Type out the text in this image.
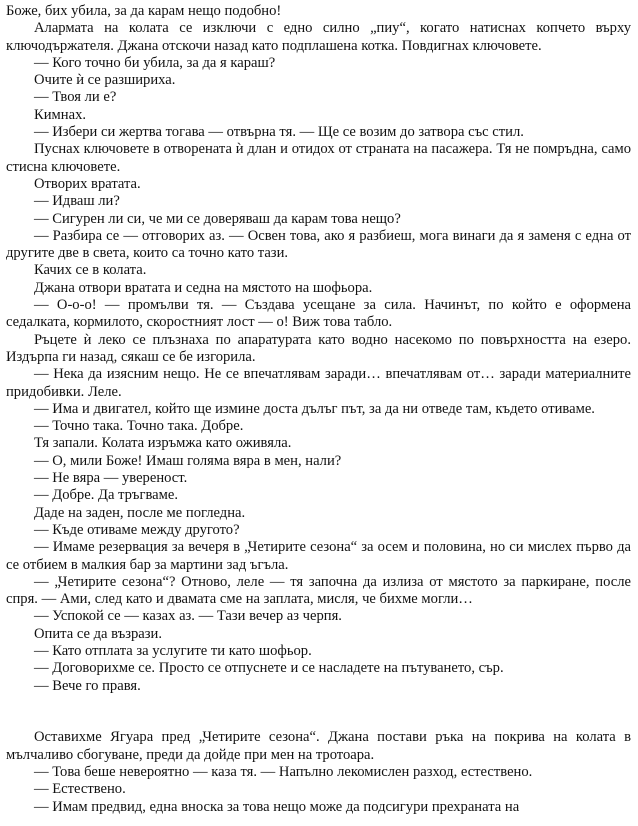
Боже, бих убила, за да карам нещо подобно!

Алармата на колата се изключи с едно силно „пиу“, когато натиснах копчето върху ключодържателя. Джана отскочи назад като подплашена котка. Повдигнах ключовете.

— Кого точно би убила, за да я караш?

Очите ѝ се разшириха.

— Твоя ли е?

Кимнах.

— Избери си жертва тогава — отвърна тя. — Ще се возим до затвора със стил.

Пуснах ключовете в отворената ѝ длан и отидох от страната на пасажера. Тя не помръдна, само стисна ключовете.

Отворих вратата.

— Идваш ли?

— Сигурен ли си, че ми се доверяваш да карам това нещо?

— Разбира се — отговорих аз. — Освен това, ако я разбиеш, мога винаги да я заменя с една от другите две в света, които са точно като тази.

Качих се в колата.

Джана отвори вратата и седна на мястото на шофьора.

— О-о-о! — промълви тя. — Създава усещане за сила. Начинът, по който е оформена седалката, кормилото, скоростният лост — о! Виж това табло.

Ръцете ѝ леко се плъзнаха по апаратурата като водно насекомо по повърхността на езеро. Издърпа ги назад, сякаш се бе изгорила.

— Нека да изясним нещо. Не се впечатлявам заради… впечатлявам от… заради материалните придобивки. Леле.

— Има и двигател, който ще измине доста дълъг път, за да ни отведе там, където отиваме.

— Точно така. Точно така. Добре.

Тя запали. Колата изръмжа като оживяла.

— О, мили Боже! Имаш голяма вяра в мен, нали?

— Не вяра — увереност.

— Добре. Да тръгваме.

Даде на заден, после ме погледна.

— Къде отиваме между другото?

— Имаме резервация за вечеря в „Четирите сезона“ за осем и половина, но си мислех първо да се отбием в малкия бар за мартини зад ъгъла.

— „Четирите сезона“? Отново, леле — тя започна да излиза от мястото за паркиране, после спря. — Ами, след като и двамата сме на заплата, мисля, че бихме могли…

— Успокой се — казах аз. — Тази вечер аз черпя.

Опита се да възрази.

— Като отплата за услугите ти като шофьор.

— Договорихме се. Просто се отпуснете и се насладете на пътуването, сър.

— Вече го правя.

Оставихме Ягуара пред „Четирите сезона“. Джана постави ръка на покрива на колата в мълчаливо сбогуване, преди да дойде при мен на тротоара.

— Това беше невероятно — каза тя. — Напълно лекомислен разход, естествено.

— Естествено.

— Имам предвид, една вноска за това нещо може да подсигури прехраната на
